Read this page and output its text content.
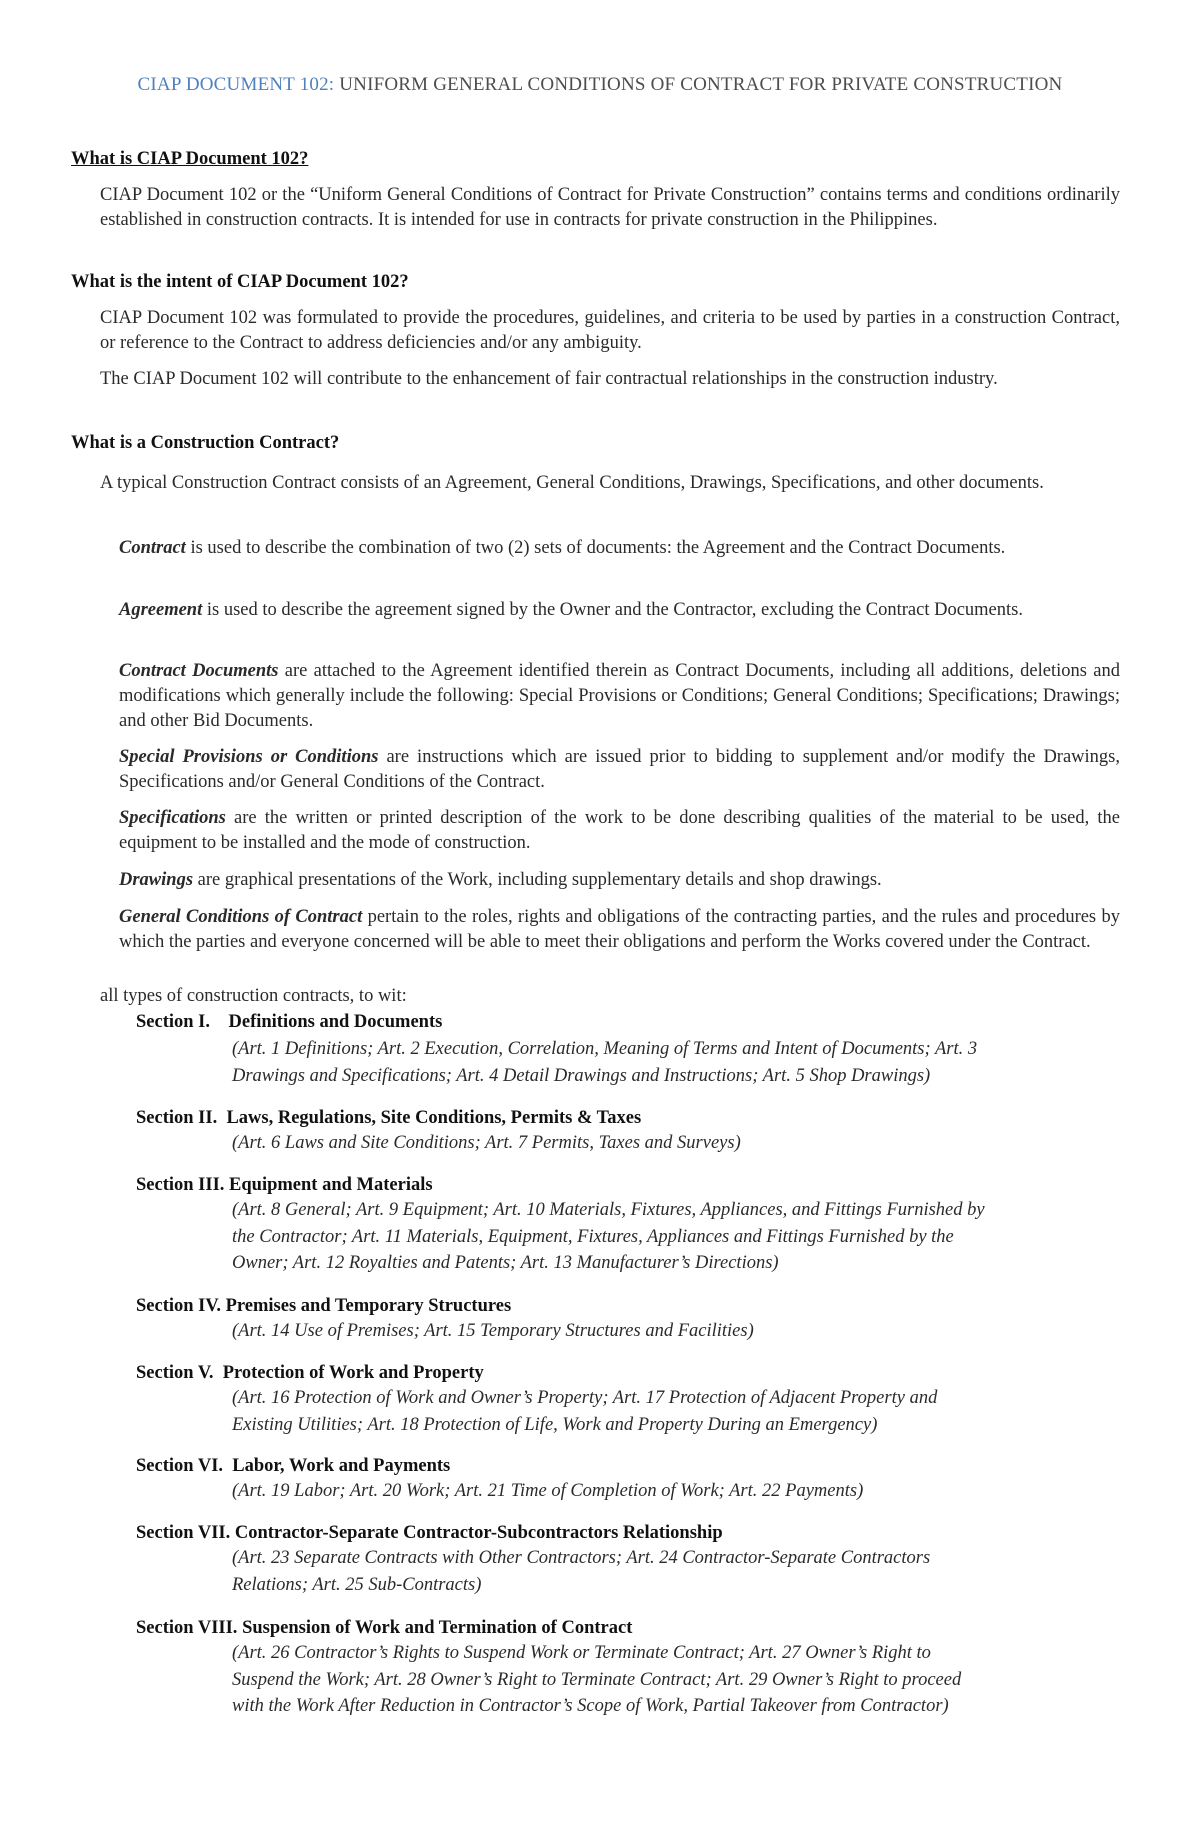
CIAP DOCUMENT 102: UNIFORM GENERAL CONDITIONS OF CONTRACT FOR PRIVATE CONSTRUCTION
What is CIAP Document 102?
CIAP Document 102 or the “Uniform General Conditions of Contract for Private Construction” contains terms and conditions ordinarily established in construction contracts. It is intended for use in contracts for private construction in the Philippines.
What is the intent of CIAP Document 102?
CIAP Document 102 was formulated to provide the procedures, guidelines, and criteria to be used by parties in a construction Contract, or reference to the Contract to address deficiencies and/or any ambiguity.
The CIAP Document 102 will contribute to the enhancement of fair contractual relationships in the construction industry.
What is a Construction Contract?
A typical Construction Contract consists of an Agreement, General Conditions, Drawings, Specifications, and other documents.
Contract is used to describe the combination of two (2) sets of documents: the Agreement and the Contract Documents.
Agreement is used to describe the agreement signed by the Owner and the Contractor, excluding the Contract Documents.
Contract Documents are attached to the Agreement identified therein as Contract Documents, including all additions, deletions and modifications which generally include the following: Special Provisions or Conditions; General Conditions; Specifications; Drawings; and other Bid Documents.
Special Provisions or Conditions are instructions which are issued prior to bidding to supplement and/or modify the Drawings, Specifications and/or General Conditions of the Contract.
Specifications are the written or printed description of the work to be done describing qualities of the material to be used, the equipment to be installed and the mode of construction.
Drawings are graphical presentations of the Work, including supplementary details and shop drawings.
General Conditions of Contract pertain to the roles, rights and obligations of the contracting parties, and the rules and procedures by which the parties and everyone concerned will be able to meet their obligations and perform the Works covered under the Contract.
all types of construction contracts, to wit:
Section I. Definitions and Documents
(Art. 1 Definitions; Art. 2 Execution, Correlation, Meaning of Terms and Intent of Documents; Art. 3
Drawings and Specifications; Art. 4 Detail Drawings and Instructions; Art. 5 Shop Drawings)
Section II. Laws, Regulations, Site Conditions, Permits & Taxes
(Art. 6 Laws and Site Conditions; Art. 7 Permits, Taxes and Surveys)
Section III. Equipment and Materials
(Art. 8 General; Art. 9 Equipment; Art. 10 Materials, Fixtures, Appliances, and Fittings Furnished by
the Contractor; Art. 11 Materials, Equipment, Fixtures, Appliances and Fittings Furnished by the
Owner; Art. 12 Royalties and Patents; Art. 13 Manufacturer’s Directions)
Section IV. Premises and Temporary Structures
(Art. 14 Use of Premises; Art. 15 Temporary Structures and Facilities)
Section V. Protection of Work and Property
(Art. 16 Protection of Work and Owner’s Property; Art. 17 Protection of Adjacent Property and
Existing Utilities; Art. 18 Protection of Life, Work and Property During an Emergency)
Section VI. Labor, Work and Payments
(Art. 19 Labor; Art. 20 Work; Art. 21 Time of Completion of Work; Art. 22 Payments)
Section VII. Contractor-Separate Contractor-Subcontractors Relationship
(Art. 23 Separate Contracts with Other Contractors; Art. 24 Contractor-Separate Contractors
Relations; Art. 25 Sub-Contracts)
Section VIII. Suspension of Work and Termination of Contract
(Art. 26 Contractor’s Rights to Suspend Work or Terminate Contract; Art. 27 Owner’s Right to
Suspend the Work; Art. 28 Owner’s Right to Terminate Contract; Art. 29 Owner’s Right to proceed
with the Work After Reduction in Contractor’s Scope of Work, Partial Takeover from Contractor)
